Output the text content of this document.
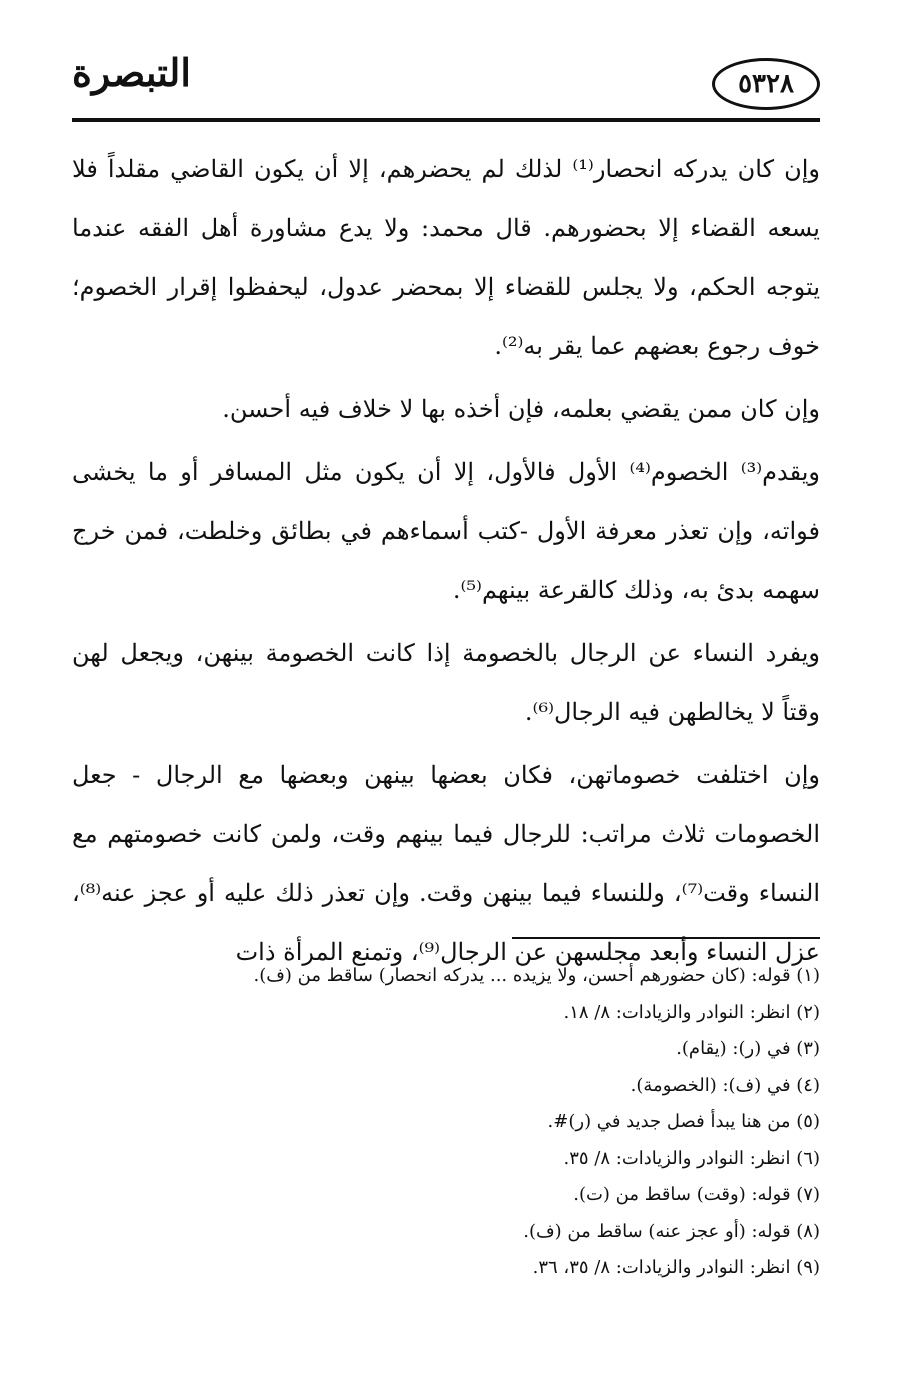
٥٣٢٨
التبصرة

وإن كان يدركه انحصار⁽¹⁾ لذلك لم يحضرهم، إلا أن يكون القاضي مقلداً فلا يسعه القضاء إلا بحضورهم. قال محمد: ولا يدع مشاورة أهل الفقه عندما يتوجه الحكم، ولا يجلس للقضاء إلا بمحضر عدول، ليحفظوا إقرار الخصوم؛ خوف رجوع بعضهم عما يقر به⁽²⁾.

وإن كان ممن يقضي بعلمه، فإن أخذه بها لا خلاف فيه أحسن.

ويقدم⁽³⁾ الخصوم⁽⁴⁾ الأول فالأول، إلا أن يكون مثل المسافر أو ما يخشى فواته، وإن تعذر معرفة الأول -كتب أسماءهم في بطائق وخلطت، فمن خرج سهمه بدئ به، وذلك كالقرعة بينهم⁽⁵⁾.

ويفرد النساء عن الرجال بالخصومة إذا كانت الخصومة بينهن، ويجعل لهن وقتاً لا يخالطهن فيه الرجال⁽⁶⁾.

وإن اختلفت خصوماتهن، فكان بعضها بينهن وبعضها مع الرجال - جعل الخصومات ثلاث مراتب: للرجال فيما بينهم وقت، ولمن كانت خصومتهم مع النساء وقت⁽⁷⁾، وللنساء فيما بينهن وقت. وإن تعذر ذلك عليه أو عجز عنه⁽⁸⁾، عزل النساء وأبعد مجلسهن عن الرجال⁽⁹⁾، وتمنع المرأة ذات

(١) قوله: (كان حضورهم أحسن، ولا يزيده ... يدركه انحصار) ساقط من (ف).
(٢) انظر: النوادر والزيادات: ٨/ ١٨.
(٣) في (ر): (يقام).
(٤) في (ف): (الخصومة).
(٥) من هنا يبدأ فصل جديد في (ر)#.
(٦) انظر: النوادر والزيادات: ٨/ ٣٥.
(٧) قوله: (وقت) ساقط من (ت).
(٨) قوله: (أو عجز عنه) ساقط من (ف).
(٩) انظر: النوادر والزيادات: ٨/ ٣٥، ٣٦.
